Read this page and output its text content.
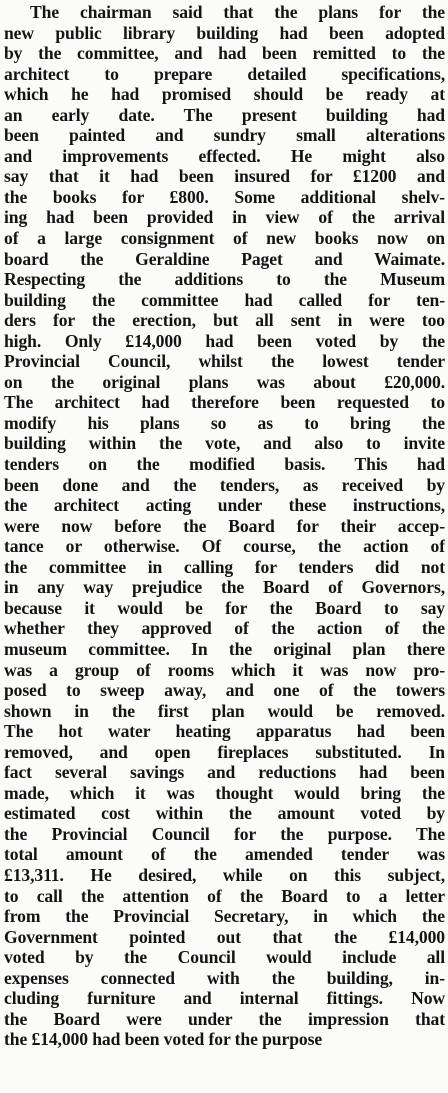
The chairman said that the plans for the
new public library building had been adopted
by the committee, and had been remitted to the
architect to prepare detailed specifications,
which he had promised should be ready at
an early date. The present building had
been painted and sundry small alterations
and improvements effected. He might also
say that it had been insured for £1200 and
the books for £800. Some additional shelv-
ing had been provided in view of the arrival
of a large consignment of new books now on
board the Geraldine Paget and Waimate.
Respecting the additions to the Museum
building the committee had called for ten-
ders for the erection, but all sent in were too
high. Only £14,000 had been voted by the
Provincial Council, whilst the lowest tender
on the original plans was about £20,000.
The architect had therefore been requested to
modify his plans so as to bring the
building within the vote, and also to invite
tenders on the modified basis. This had
been done and the tenders, as received by
the architect acting under these instructions,
were now before the Board for their accep-
tance or otherwise. Of course, the action of
the committee in calling for tenders did not
in any way prejudice the Board of Governors,
because it would be for the Board to say
whether they approved of the action of the
museum committee. In the original plan there
was a group of rooms which it was now pro-
posed to sweep away, and one of the towers
shown in the first plan would be removed.
The hot water heating apparatus had been
removed, and open fireplaces substituted. In
fact several savings and reductions had been
made, which it was thought would bring the
estimated cost within the amount voted by
the Provincial Council for the purpose. The
total amount of the amended tender was
£13,311. He desired, while on this subject,
to call the attention of the Board to a letter
from the Provincial Secretary, in which the
Government pointed out that the £14,000
voted by the Council would include all
expenses connected with the building, in-
cluding furniture and internal fittings. Now
the Board were under the impression that
the £14,000 had been voted for the purpose
